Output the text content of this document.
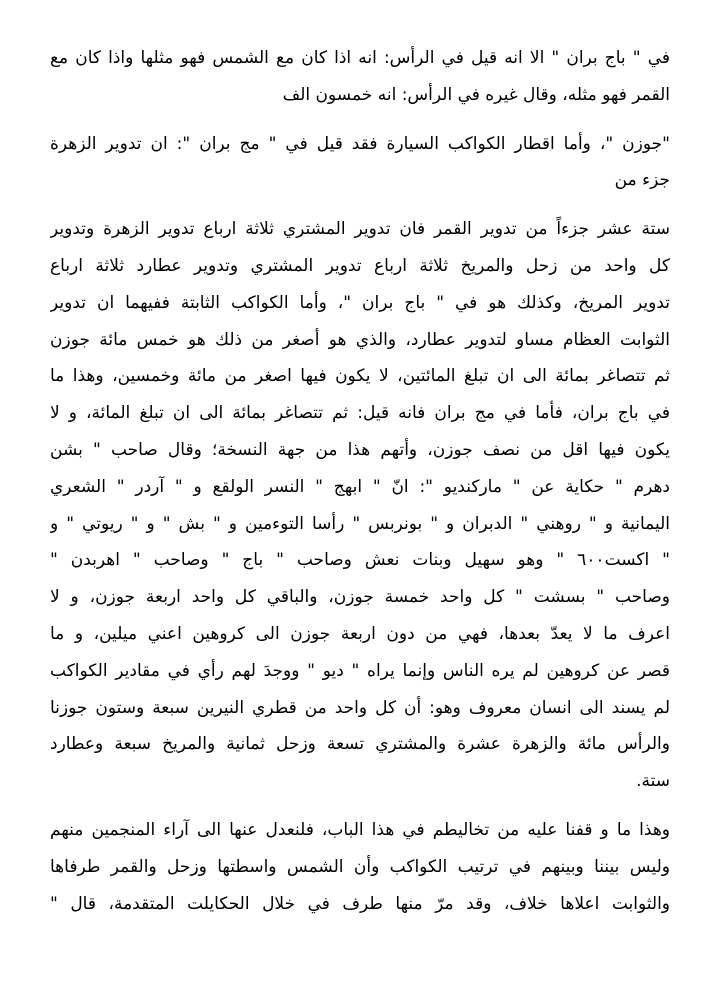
في " باج بران " الا انه قيل في الرأس: انه اذا كان مع الشمس فهو مثلها واذا كان مع
القمر فهو مثله، وقال غيره في الرأس: انه خمسون الف

"جوزن "، وأما اقطار الكواكب السيارة فقد قيل في " مج بران ": ان تدوير الزهرة
جزء من

ستة عشر جزءاً من تدوير القمر فان تدوير المشتري ثلاثة ارباع تدوير الزهرة وتدوير
كل واحد من زحل والمريخ ثلاثة ارباع تدوير المشتري وتدوير عطارد ثلاثة ارباع
تدوير المريخ، وكذلك هو في " باج بران "، وأما الكواكب الثابتة ففيهما ان تدوير
الثوابت العظام مساو لتدوير عطارد، والذي هو أصغر من ذلك هو خمس مائة جوزن
ثم تتصاغر بمائة الى ان تبلغ المائتين، لا يكون فيها اصغر من مائة وخمسين، وهذا ما
في باج بران، فأما في مج بران فانه قيل: ثم تتصاغر بمائة الى ان تبلغ المائة، و لا
يكون فيها اقل من نصف جوزن، وأتهم هذا من جهة النسخة؛ وقال صاحب " بشن
دهرم " حكاية عن " ماركنديو ": انّ " ابهج " النسر الولقع و " آردر " الشعري
اليمانية و " روهني " الدبران و " بونربس " رأسا التوءمين و " بش " و " ريوتي " و
" اكست٦٠٠ " وهو سهيل وبنات نعش وصاحب " باج " وصاحب " اهربدن "
وصاحب " بسشت " كل واحد خمسة جوزن، والباقي كل واحد اربعة جوزن، و لا
اعرف ما لا يعدّ بعدها، فهي من دون اربعة جوزن الى كروهين اعني ميلين، و ما
قصر عن كروهين لم يره الناس وإنما يراه " ديو " ووجدَ لهم رأي في مقادير الكواكب
لم يسند الى انسان معروف وهو: أن كل واحد من قطري النيرين سبعة وستون جوزنا
والرأس مائة والزهرة عشرة والمشتري تسعة وزحل ثمانية والمريخ سبعة وعطارد
ستة.

وهذا ما و قفنا عليه من تخاليطم في هذا الباب، فلنعدل عنها الى آراء المنجمين منهم
وليس بيننا وبينهم في ترتيب الكواكب وأن الشمس واسطتها وزحل والقمر طرفاها
والثوابت اعلاها خلاف، وقد مرّ منها طرف في خلال الحكايلت المتقدمة، قال "
